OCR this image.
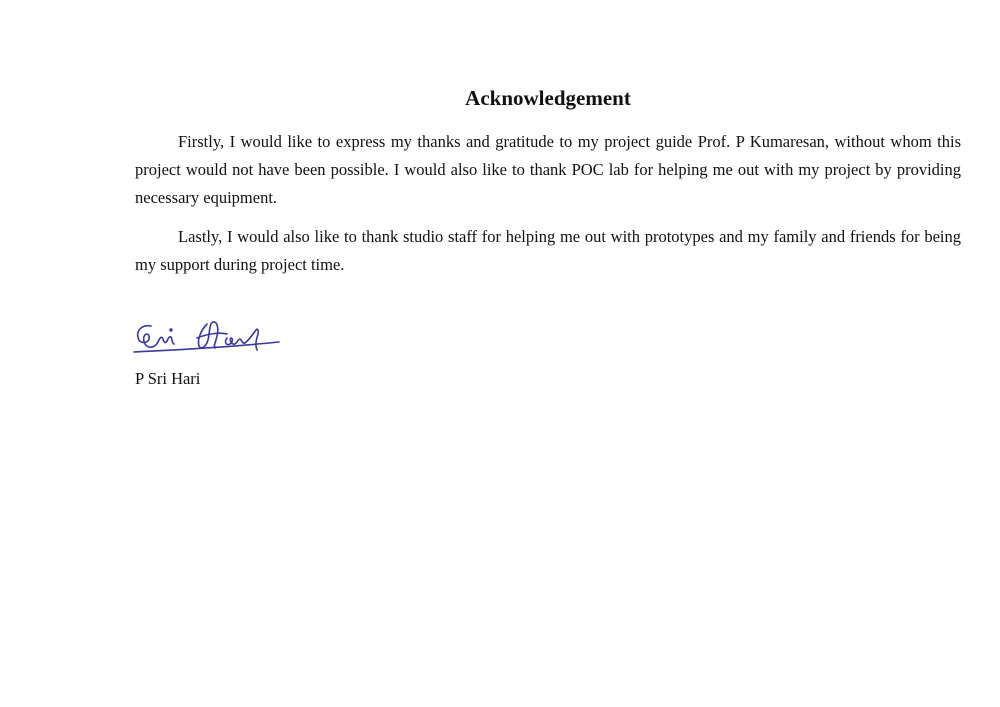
Acknowledgement

Firstly, I would like to express my thanks and gratitude to my project guide Prof. P Kumaresan, without whom this project would not have been possible. I would also like to thank POC lab for helping me out with my project by providing necessary equipment.

Lastly, I would also like to thank studio staff for helping me out with prototypes and my family and friends for being my support during project time.

P Sri Hari
